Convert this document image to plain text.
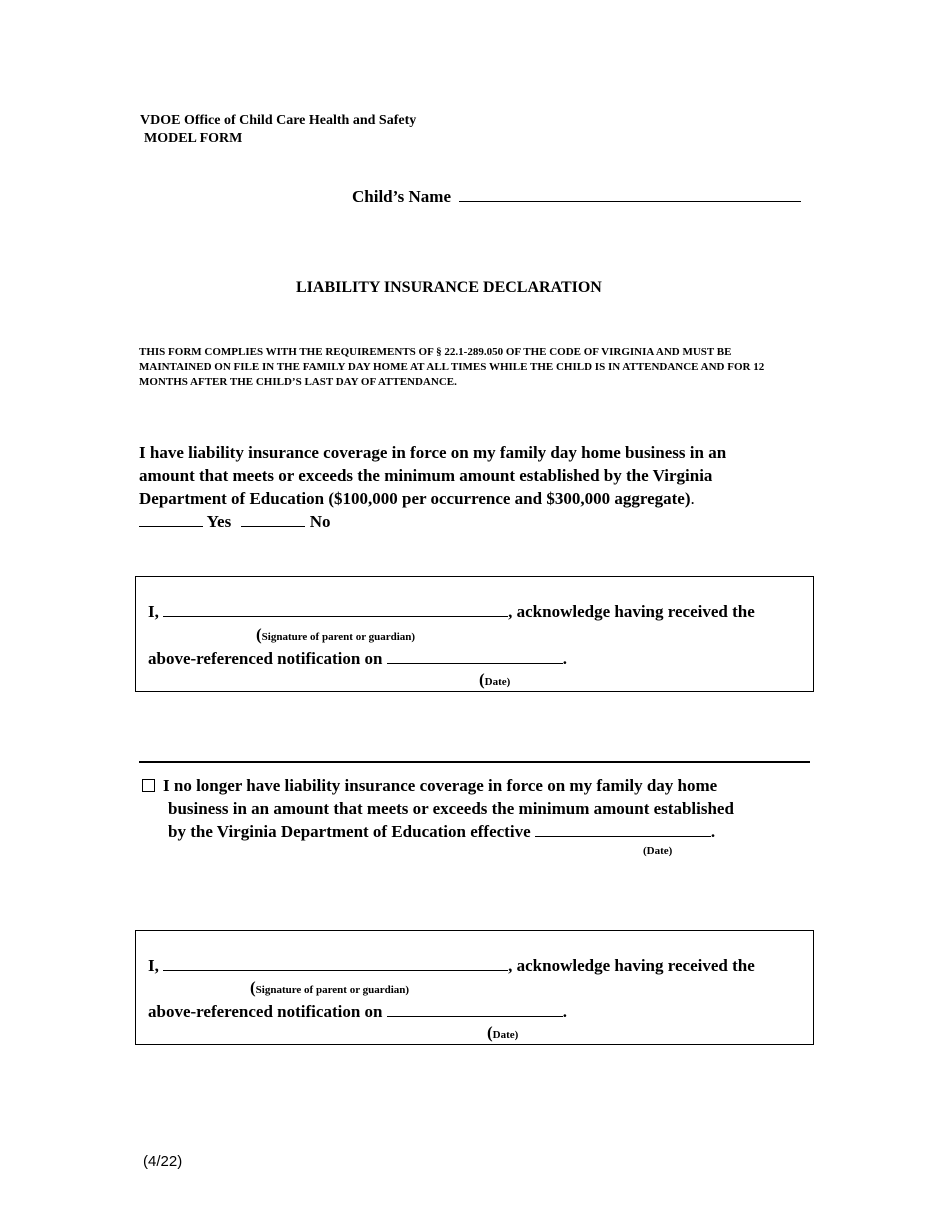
VDOE Office of Child Care Health and Safety
MODEL FORM
Child’s Name
LIABILITY INSURANCE DECLARATION
THIS FORM COMPLIES WITH THE REQUIREMENTS OF § 22.1-289.050 OF THE CODE OF VIRGINIA AND MUST BE MAINTAINED ON FILE IN THE FAMILY DAY HOME AT ALL TIMES WHILE THE CHILD IS IN ATTENDANCE AND FOR 12 MONTHS AFTER THE CHILD’S LAST DAY OF ATTENDANCE.
I have liability insurance coverage in force on my family day home business in an
amount that meets or exceeds the minimum amount established by the Virginia
Department of Education ($100,000 per occurrence and $300,000 aggregate).
Yes	No
I,	, acknowledge having received the
(Signature of parent or guardian)
above-referenced notification on	.
(Date)
I no longer have liability insurance coverage in force on my family day home
business in an amount that meets or exceeds the minimum amount established
by the Virginia Department of Education effective	.
(Date)
I,	, acknowledge having received the
(Signature of parent or guardian)
above-referenced notification on	.
(Date)
(4/22)
